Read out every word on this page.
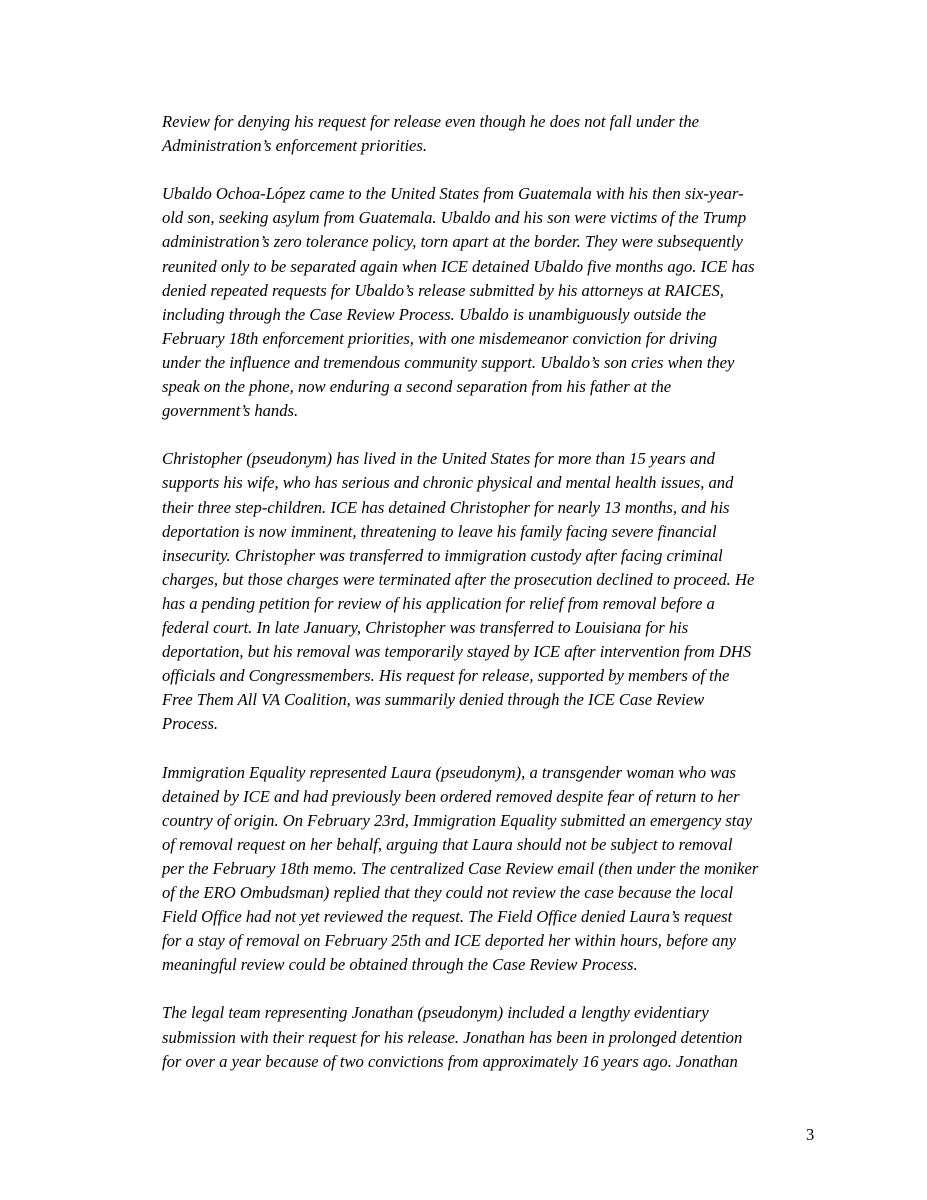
Review for denying his request for release even though he does not fall under the
Administration’s enforcement priorities.

Ubaldo Ochoa-López came to the United States from Guatemala with his then six-year-
old son, seeking asylum from Guatemala. Ubaldo and his son were victims of the Trump
administration’s zero tolerance policy, torn apart at the border. They were subsequently
reunited only to be separated again when ICE detained Ubaldo five months ago. ICE has
denied repeated requests for Ubaldo’s release submitted by his attorneys at RAICES,
including through the Case Review Process. Ubaldo is unambiguously outside the
February 18th enforcement priorities, with one misdemeanor conviction for driving
under the influence and tremendous community support. Ubaldo’s son cries when they
speak on the phone, now enduring a second separation from his father at the
government’s hands.

Christopher (pseudonym) has lived in the United States for more than 15 years and
supports his wife, who has serious and chronic physical and mental health issues, and
their three step-children. ICE has detained Christopher for nearly 13 months, and his
deportation is now imminent, threatening to leave his family facing severe financial
insecurity. Christopher was transferred to immigration custody after facing criminal
charges, but those charges were terminated after the prosecution declined to proceed. He
has a pending petition for review of his application for relief from removal before a
federal court. In late January, Christopher was transferred to Louisiana for his
deportation, but his removal was temporarily stayed by ICE after intervention from DHS
officials and Congressmembers. His request for release, supported by members of the
Free Them All VA Coalition, was summarily denied through the ICE Case Review
Process.

Immigration Equality represented Laura (pseudonym), a transgender woman who was
detained by ICE and had previously been ordered removed despite fear of return to her
country of origin. On February 23rd, Immigration Equality submitted an emergency stay
of removal request on her behalf, arguing that Laura should not be subject to removal
per the February 18th memo. The centralized Case Review email (then under the moniker
of the ERO Ombudsman) replied that they could not review the case because the local
Field Office had not yet reviewed the request. The Field Office denied Laura’s request
for a stay of removal on February 25th and ICE deported her within hours, before any
meaningful review could be obtained through the Case Review Process.

The legal team representing Jonathan (pseudonym) included a lengthy evidentiary
submission with their request for his release. Jonathan has been in prolonged detention
for over a year because of two convictions from approximately 16 years ago. Jonathan

3
